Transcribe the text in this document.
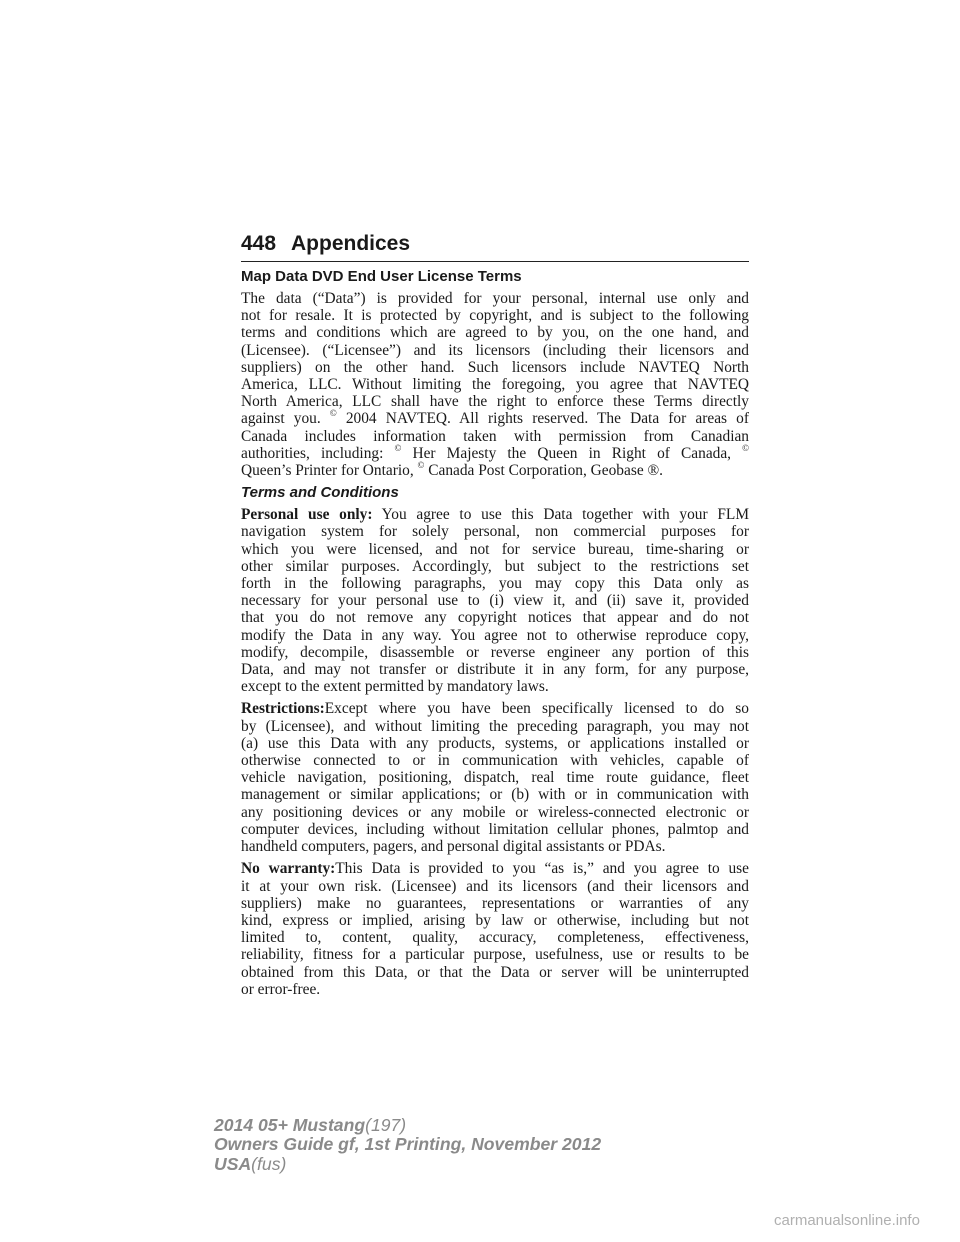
448 Appendices
Map Data DVD End User License Terms

The data (“Data”) is provided for your personal, internal use only and
not for resale. It is protected by copyright, and is subject to the following
terms and conditions which are agreed to by you, on the one hand, and
(Licensee). (“Licensee”) and its licensors (including their licensors and
suppliers) on the other hand. Such licensors include NAVTEQ North
America, LLC. Without limiting the foregoing, you agree that NAVTEQ
North America, LLC shall have the right to enforce these Terms directly
against you. © 2004 NAVTEQ. All rights reserved. The Data for areas of
Canada includes information taken with permission from Canadian
authorities, including: © Her Majesty the Queen in Right of Canada, ©
Queen’s Printer for Ontario, © Canada Post Corporation, Geobase ®.

Terms and Conditions

Personal use only: You agree to use this Data together with your FLM
navigation system for solely personal, non commercial purposes for
which you were licensed, and not for service bureau, time-sharing or
other similar purposes. Accordingly, but subject to the restrictions set
forth in the following paragraphs, you may copy this Data only as
necessary for your personal use to (i) view it, and (ii) save it, provided
that you do not remove any copyright notices that appear and do not
modify the Data in any way. You agree not to otherwise reproduce copy,
modify, decompile, disassemble or reverse engineer any portion of this
Data, and may not transfer or distribute it in any form, for any purpose,
except to the extent permitted by mandatory laws.

Restrictions:Except where you have been specifically licensed to do so
by (Licensee), and without limiting the preceding paragraph, you may not
(a) use this Data with any products, systems, or applications installed or
otherwise connected to or in communication with vehicles, capable of
vehicle navigation, positioning, dispatch, real time route guidance, fleet
management or similar applications; or (b) with or in communication with
any positioning devices or any mobile or wireless-connected electronic or
computer devices, including without limitation cellular phones, palmtop and
handheld computers, pagers, and personal digital assistants or PDAs.

No warranty:This Data is provided to you “as is,” and you agree to use
it at your own risk. (Licensee) and its licensors (and their licensors and
suppliers) make no guarantees, representations or warranties of any
kind, express or implied, arising by law or otherwise, including but not
limited to, content, quality, accuracy, completeness, effectiveness,
reliability, fitness for a particular purpose, usefulness, use or results to be
obtained from this Data, or that the Data or server will be uninterrupted
or error-free.

2014 05+ Mustang(197)
Owners Guide gf, 1st Printing, November 2012
USA(fus)
carmanualsonline.info
